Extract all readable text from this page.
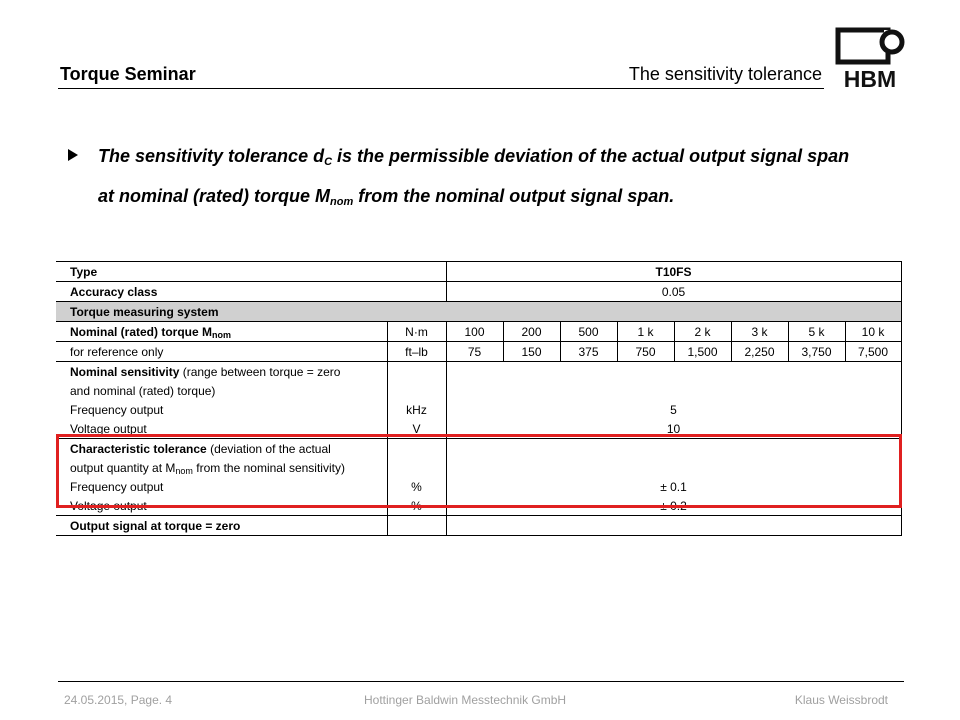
Torque Seminar	The sensitivity tolerance HBM
The sensitivity tolerance $d_C$ is the permissible deviation of the actual output signal span at nominal (rated) torque $M_{nom}$ from the nominal output signal span.
Type		T10FS							
Accuracy class		0.05							
Torque measuring system									
Nominal (rated) torque $M_{nom}$	N·m	100	200	500	1 k	2 k	3 k	5 k	10 k
for reference only	ft–lb	75	150	375	750	1,500	2,250	3,750	7,500
Nominal sensitivity (range between torque = zero									
and nominal (rated) torque)									
Frequency output	kHz	5							
Voltage output	V	10							
Characteristic tolerance (deviation of the actual									
output quantity at $M_{nom}$ from the nominal sensitivity)									
Frequency output	%	± 0.1							
Voltage output	%	± 0.2							
Output signal at torque = zero									
24.05.2015, Page. 4	Hottinger Baldwin Messtechnik GmbH	Klaus Weissbrodt
